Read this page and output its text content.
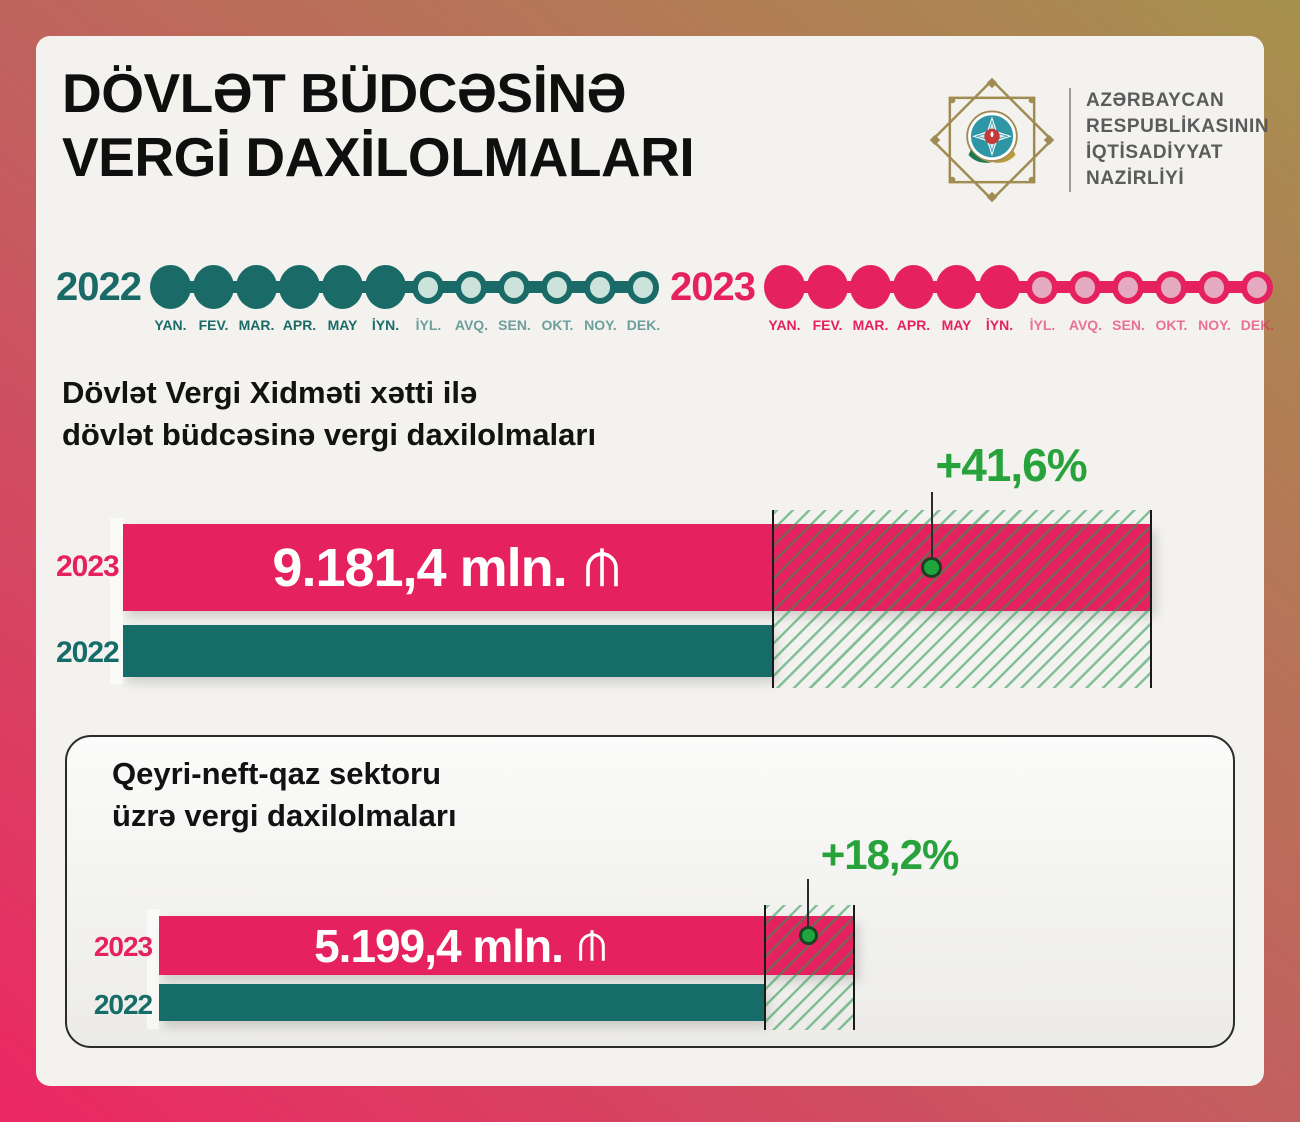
DÖVLƏT BÜDCƏSİNƏ
VERGİ DAXİLOLMALARI
AZƏRBAYCAN
RESPUBLİKASININ
İQTİSADİYYAT
NAZİRLİYİ
2022
YAN. FEV. MAR. APR. MAY İYN. İYL. AVQ. SEN. OKT. NOY. DEK.
2023
YAN. FEV. MAR. APR. MAY İYN. İYL. AVQ. SEN. OKT. NOY. DEK.
Dövlət Vergi Xidməti xətti ilə
dövlət büdcəsinə vergi daxilolmaları
+41,6%
9.181,4 mln.
2023
2022
Qeyri-neft-qaz sektoru
üzrə vergi daxilolmaları
+18,2%
5.199,4 mln.
2023
2022
